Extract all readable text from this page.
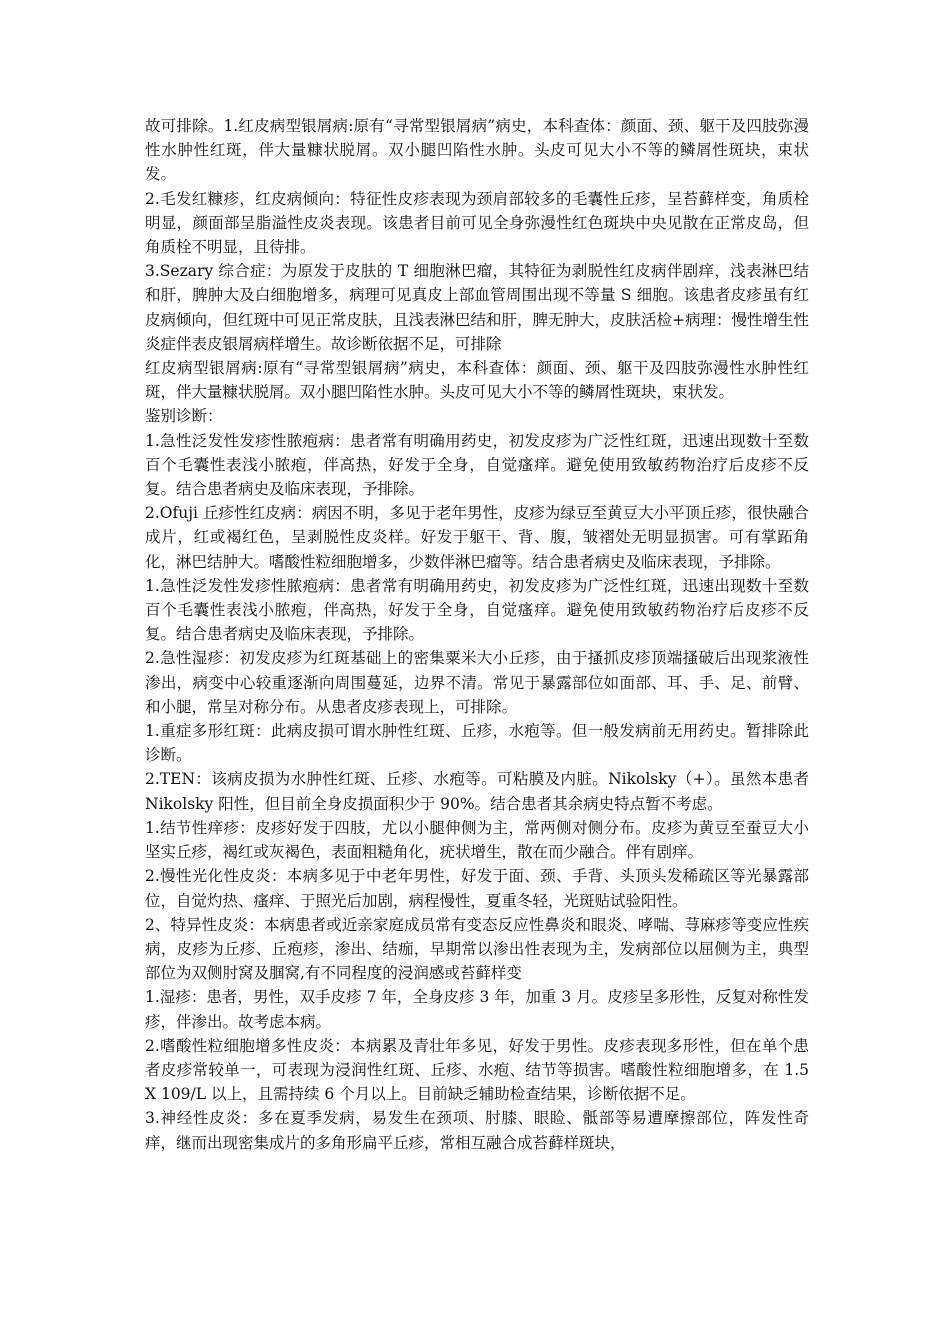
故可排除。1.红皮病型银屑病:原有“寻常型银屑病”病史，本科查体：颜面、颈、躯干及四肢弥漫性水肿性红斑，伴大量糠状脱屑。双小腿凹陷性水肿。头皮可见大小不等的鳞屑性斑块，束状发。

2.毛发红糠疹，红皮病倾向：特征性皮疹表现为颈肩部较多的毛囊性丘疹，呈苔藓样变，角质栓明显，颜面部呈脂溢性皮炎表现。该患者目前可见全身弥漫性红色斑块中央见散在正常皮岛，但角质栓不明显，且待排。

3.Sezary 综合症：为原发于皮肤的 T 细胞淋巴瘤，其特征为剥脱性红皮病伴剧痒，浅表淋巴结和肝，脾肿大及白细胞增多，病理可见真皮上部血管周围出现不等量 S 细胞。该患者皮疹虽有红皮病倾向，但红斑中可见正常皮肤，且浅表淋巴结和肝，脾无肿大，皮肤活检+病理：慢性增生性炎症伴表皮银屑病样增生。故诊断依据不足，可排除

红皮病型银屑病:原有“寻常型银屑病”病史，本科查体：颜面、颈、躯干及四肢弥漫性水肿性红斑，伴大量糠状脱屑。双小腿凹陷性水肿。头皮可见大小不等的鳞屑性斑块，束状发。

鉴别诊断：

1.急性泛发性发疹性脓疱病：患者常有明确用药史，初发皮疹为广泛性红斑，迅速出现数十至数百个毛囊性表浅小脓疱，伴高热，好发于全身，自觉瘙痒。避免使用致敏药物治疗后皮疹不反复。结合患者病史及临床表现，予排除。

2.Ofuji 丘疹性红皮病：病因不明，多见于老年男性，皮疹为绿豆至黄豆大小平顶丘疹，很快融合成片，红或褐红色，呈剥脱性皮炎样。好发于躯干、背、腹，皱褶处无明显损害。可有掌跖角化，淋巴结肿大。嗜酸性粒细胞增多，少数伴淋巴瘤等。结合患者病史及临床表现，予排除。

1.急性泛发性发疹性脓疱病：患者常有明确用药史，初发皮疹为广泛性红斑，迅速出现数十至数百个毛囊性表浅小脓疱，伴高热，好发于全身，自觉瘙痒。避免使用致敏药物治疗后皮疹不反复。结合患者病史及临床表现，予排除。

2.急性湿疹：初发皮疹为红斑基础上的密集粟米大小丘疹，由于搔抓皮疹顶端搔破后出现浆液性渗出，病变中心较重逐渐向周围蔓延，边界不清。常见于暴露部位如面部、耳、手、足、前臂、和小腿，常呈对称分布。从患者皮疹表现上，可排除。

1.重症多形红斑：此病皮损可谓水肿性红斑、丘疹，水疱等。但一般发病前无用药史。暂排除此诊断。

2.TEN：该病皮损为水肿性红斑、丘疹、水疱等。可粘膜及内脏。Nikolsky（+）。虽然本患者 Nikolsky 阳性，但目前全身皮损面积少于 90%。结合患者其余病史特点暂不考虑。

1.结节性痒疹：皮疹好发于四肢，尤以小腿伸侧为主，常两侧对侧分布。皮疹为黄豆至蚕豆大小坚实丘疹，褐红或灰褐色，表面粗糙角化，疣状增生，散在而少融合。伴有剧痒。

2.慢性光化性皮炎：本病多见于中老年男性，好发于面、颈、手背、头顶头发稀疏区等光暴露部位，自觉灼热、瘙痒、于照光后加剧，病程慢性，夏重冬轻，光斑贴试验阳性。

2、特异性皮炎：本病患者或近亲家庭成员常有变态反应性鼻炎和眼炎、哮喘、荨麻疹等变应性疾病，皮疹为丘疹、丘疱疹，渗出、结痂，早期常以渗出性表现为主，发病部位以屈侧为主，典型部位为双侧肘窝及腘窝,有不同程度的浸润感或苔藓样变

1.湿疹：患者，男性，双手皮疹 7 年，全身皮疹 3 年，加重 3 月。皮疹呈多形性，反复对称性发疹，伴渗出。故考虑本病。

2.嗜酸性粒细胞增多性皮炎：本病累及青壮年多见，好发于男性。皮疹表现多形性，但在单个患者皮疹常较单一，可表现为浸润性红斑、丘疹、水疱、结节等损害。嗜酸性粒细胞增多，在 1.5 X 109/L 以上，且需持续 6 个月以上。目前缺乏辅助检查结果，诊断依据不足。

3.神经性皮炎：多在夏季发病，易发生在颈项、肘膝、眼睑、骶部等易遭摩擦部位，阵发性奇痒，继而出现密集成片的多角形扁平丘疹，常相互融合成苔藓样斑块，
